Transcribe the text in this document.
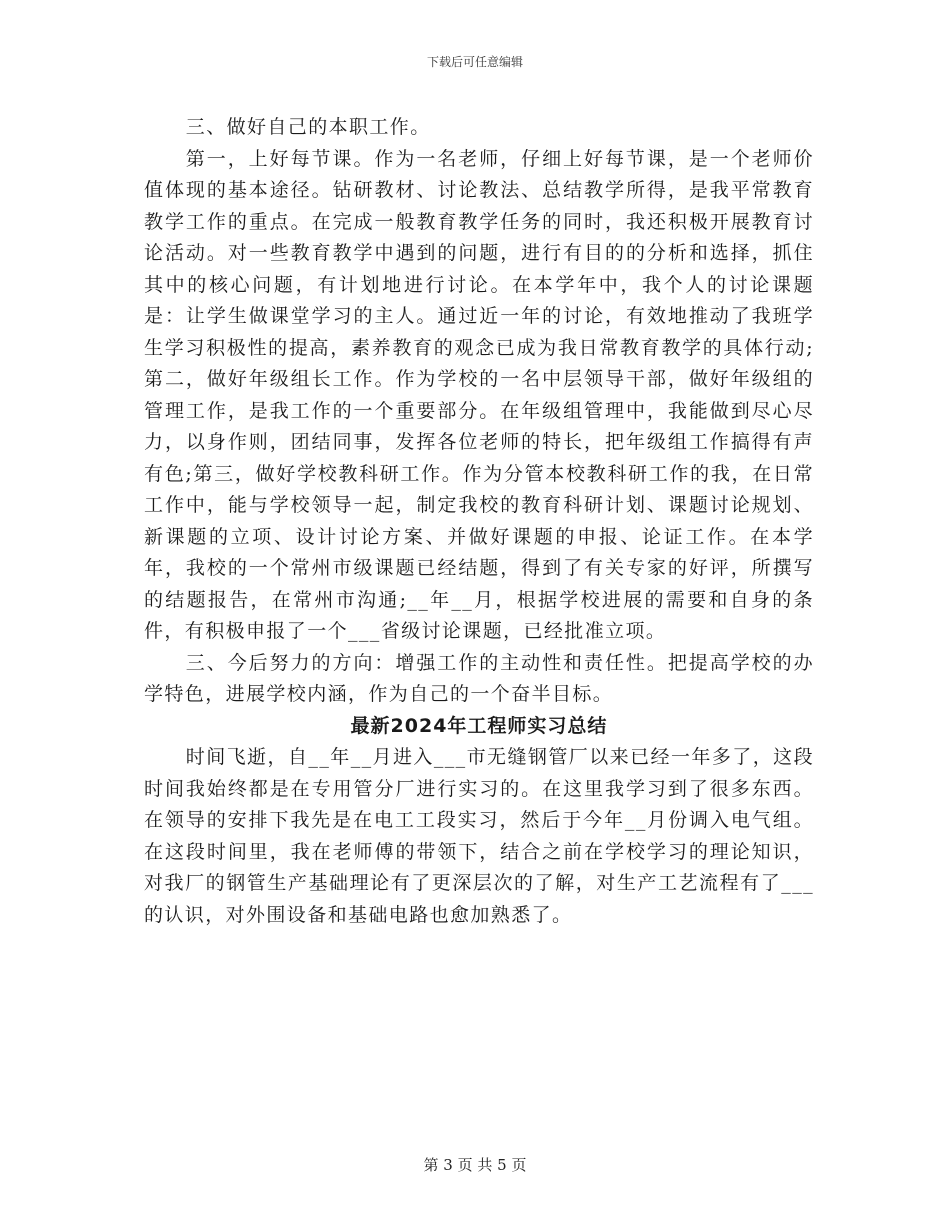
下载后可任意编辑

三、做好自己的本职工作。

第一，上好每节课。作为一名老师，仔细上好每节课，是一个老师价值体现的基本途径。钻研教材、讨论教法、总结教学所得，是我平常教育教学工作的重点。在完成一般教育教学任务的同时，我还积极开展教育讨论活动。对一些教育教学中遇到的问题，进行有目的的分析和选择，抓住其中的核心问题，有计划地进行讨论。在本学年中，我个人的讨论课题是：让学生做课堂学习的主人。通过近一年的讨论，有效地推动了我班学生学习积极性的提高，素养教育的观念已成为我日常教育教学的具体行动;第二，做好年级组长工作。作为学校的一名中层领导干部，做好年级组的管理工作，是我工作的一个重要部分。在年级组管理中，我能做到尽心尽力，以身作则，团结同事，发挥各位老师的特长，把年级组工作搞得有声有色;第三，做好学校教科研工作。作为分管本校教科研工作的我，在日常工作中，能与学校领导一起，制定我校的教育科研计划、课题讨论规划、新课题的立项、设计讨论方案、并做好课题的申报、论证工作。在本学年，我校的一个常州市级课题已经结题，得到了有关专家的好评，所撰写的结题报告，在常州市沟通;__年__月，根据学校进展的需要和自身的条件，有积极申报了一个___省级讨论课题，已经批准立项。

三、今后努力的方向：增强工作的主动性和责任性。把提高学校的办学特色，进展学校内涵，作为自己的一个奋半目标。

最新2024年工程师实习总结

时间飞逝，自__年__月进入___市无缝钢管厂以来已经一年多了，这段时间我始终都是在专用管分厂进行实习的。在这里我学习到了很多东西。在领导的安排下我先是在电工工段实习，然后于今年__月份调入电气组。在这段时间里，我在老师傅的带领下，结合之前在学校学习的理论知识，对我厂的钢管生产基础理论有了更深层次的了解，对生产工艺流程有了___的认识，对外围设备和基础电路也愈加熟悉了。

第 3 页 共 5 页
